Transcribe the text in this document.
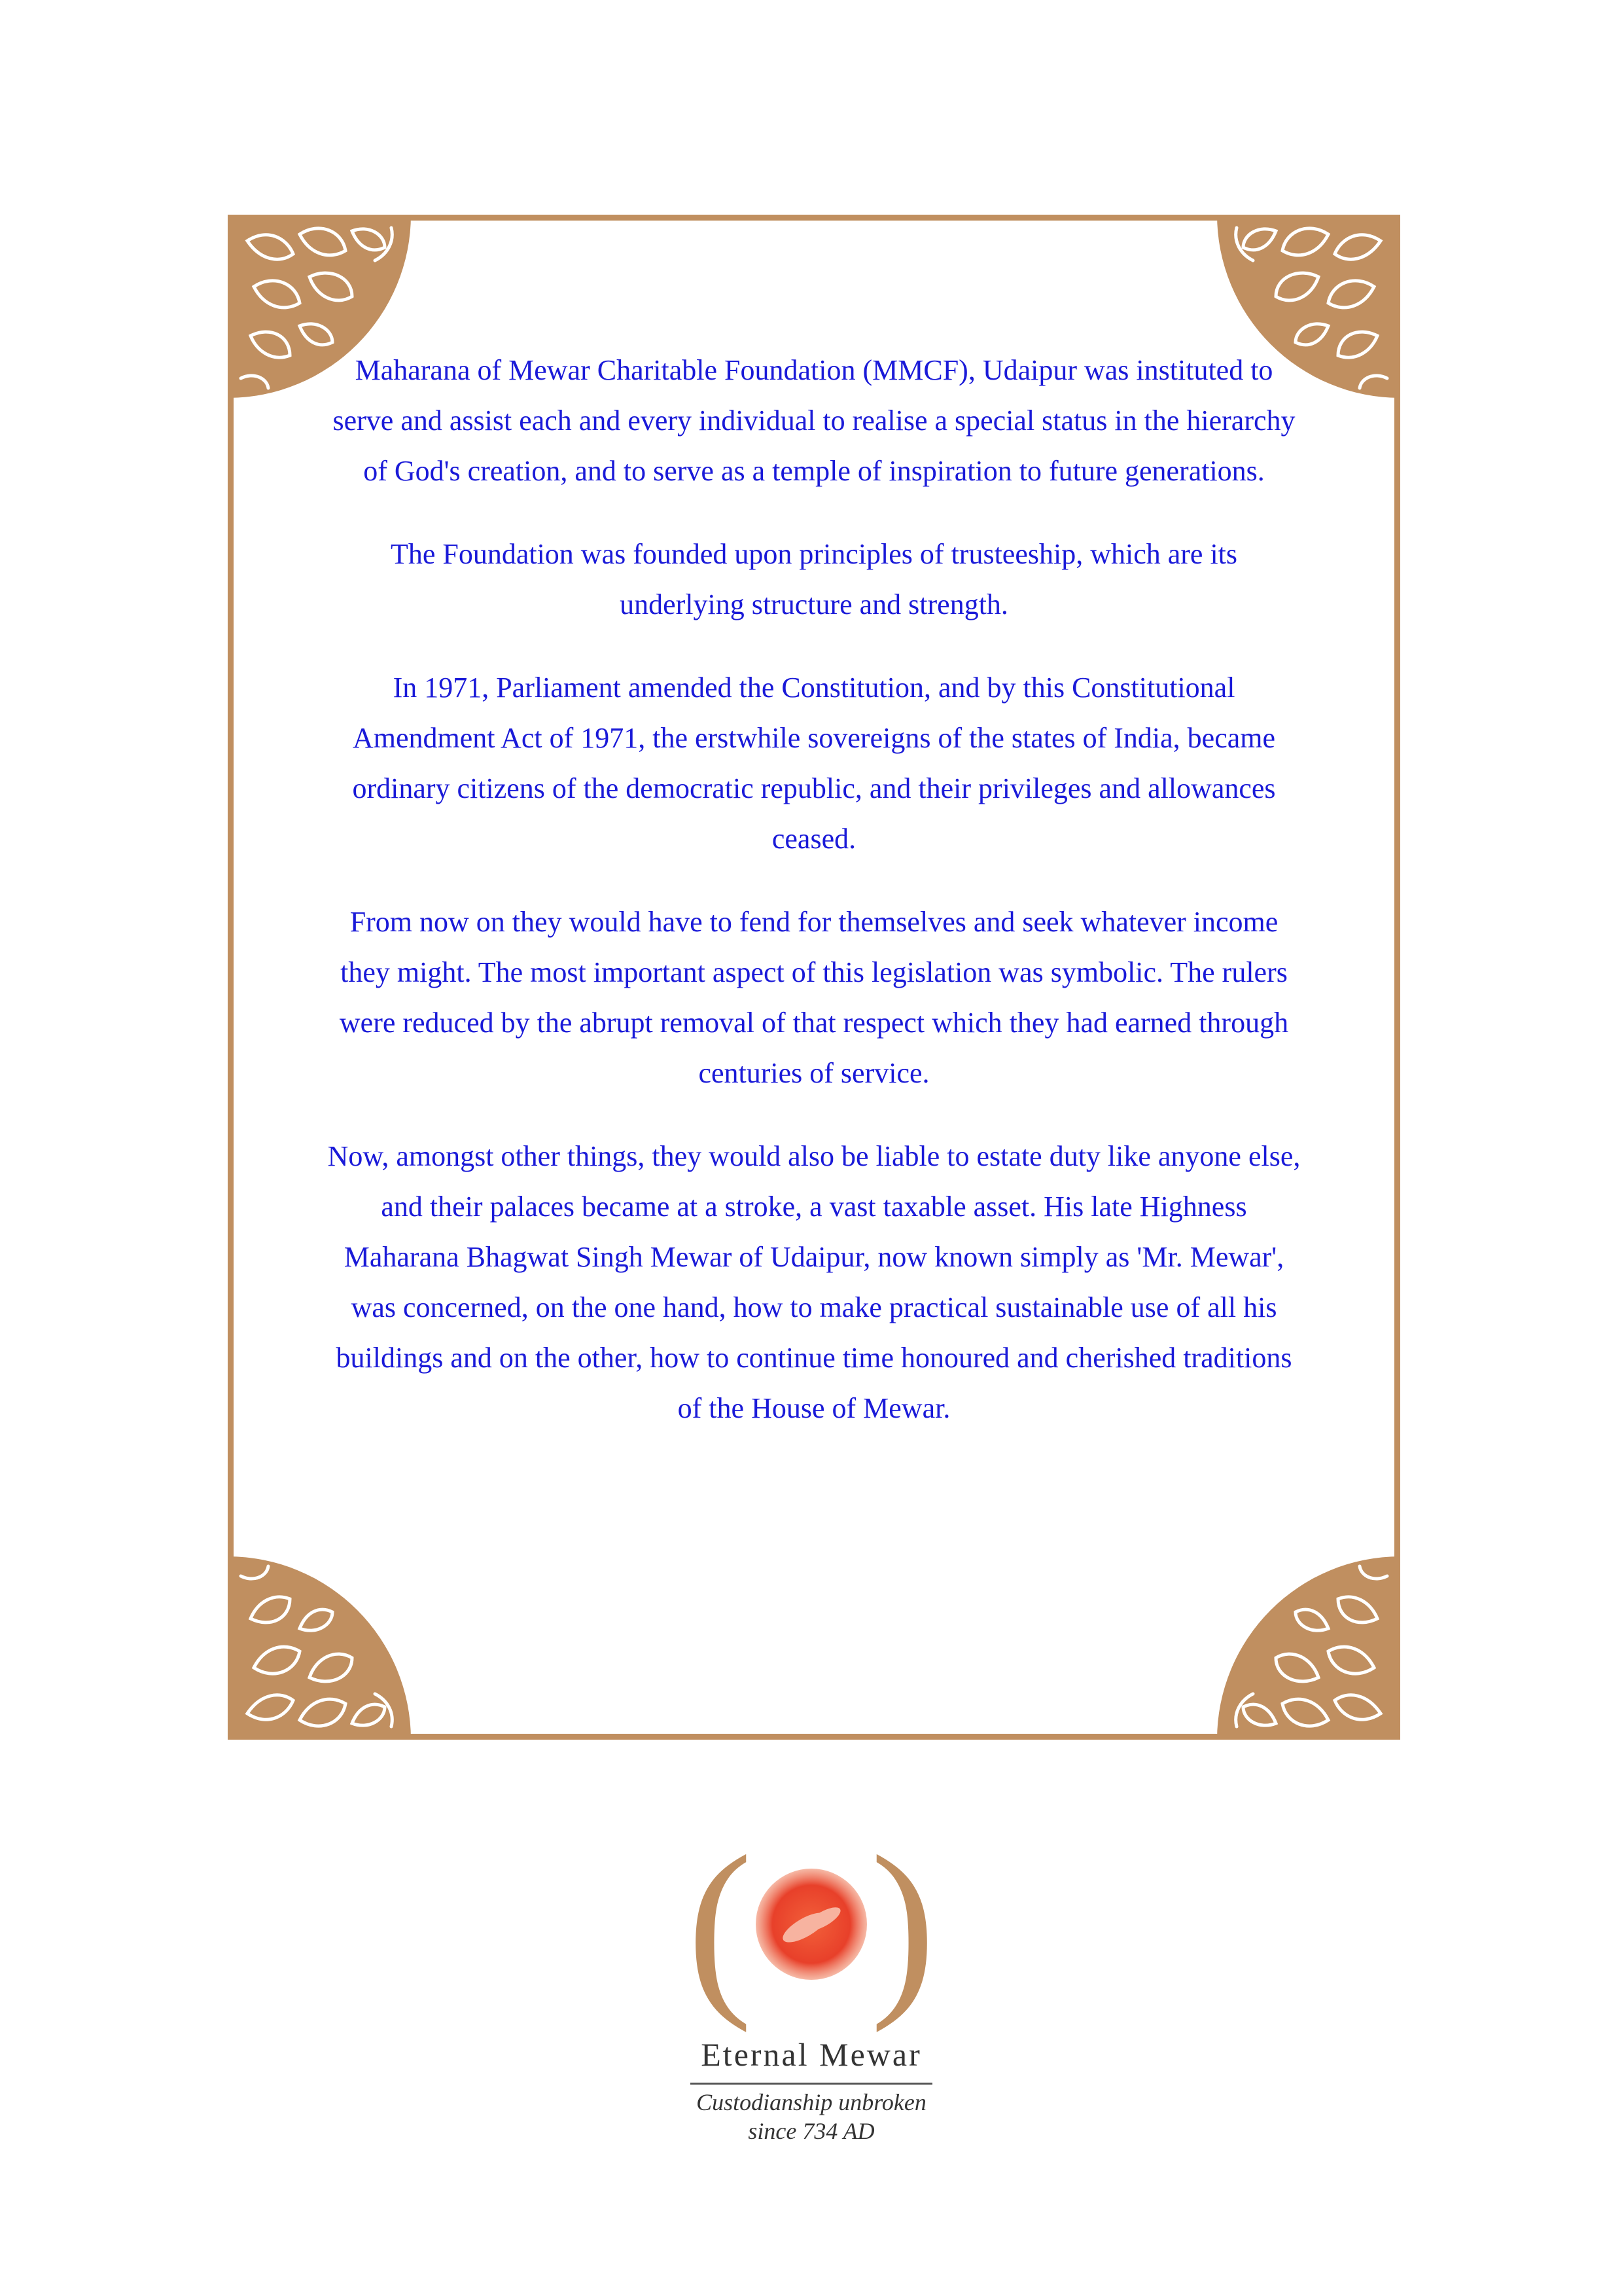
Maharana of Mewar Charitable Foundation (MMCF), Udaipur was instituted to serve and assist each and every individual to realise a special status in the hierarchy of God's creation, and to serve as a temple of inspiration to future generations.

The Foundation was founded upon principles of trusteeship, which are its underlying structure and strength.

In 1971, Parliament amended the Constitution, and by this Constitutional Amendment Act of 1971, the erstwhile sovereigns of the states of India, became ordinary citizens of the democratic republic, and their privileges and allowances ceased.

From now on they would have to fend for themselves and seek whatever income they might. The most important aspect of this legislation was symbolic. The rulers were reduced by the abrupt removal of that respect which they had earned through centuries of service.

Now, amongst other things, they would also be liable to estate duty like anyone else, and their palaces became at a stroke, a vast taxable asset. His late Highness Maharana Bhagwat Singh Mewar of Udaipur, now known simply as 'Mr. Mewar', was concerned, on the one hand, how to make practical sustainable use of all his buildings and on the other, how to continue time honoured and cherished traditions of the House of Mewar.

( )
Eternal Mewar
Custodianship unbroken
since 734 AD
